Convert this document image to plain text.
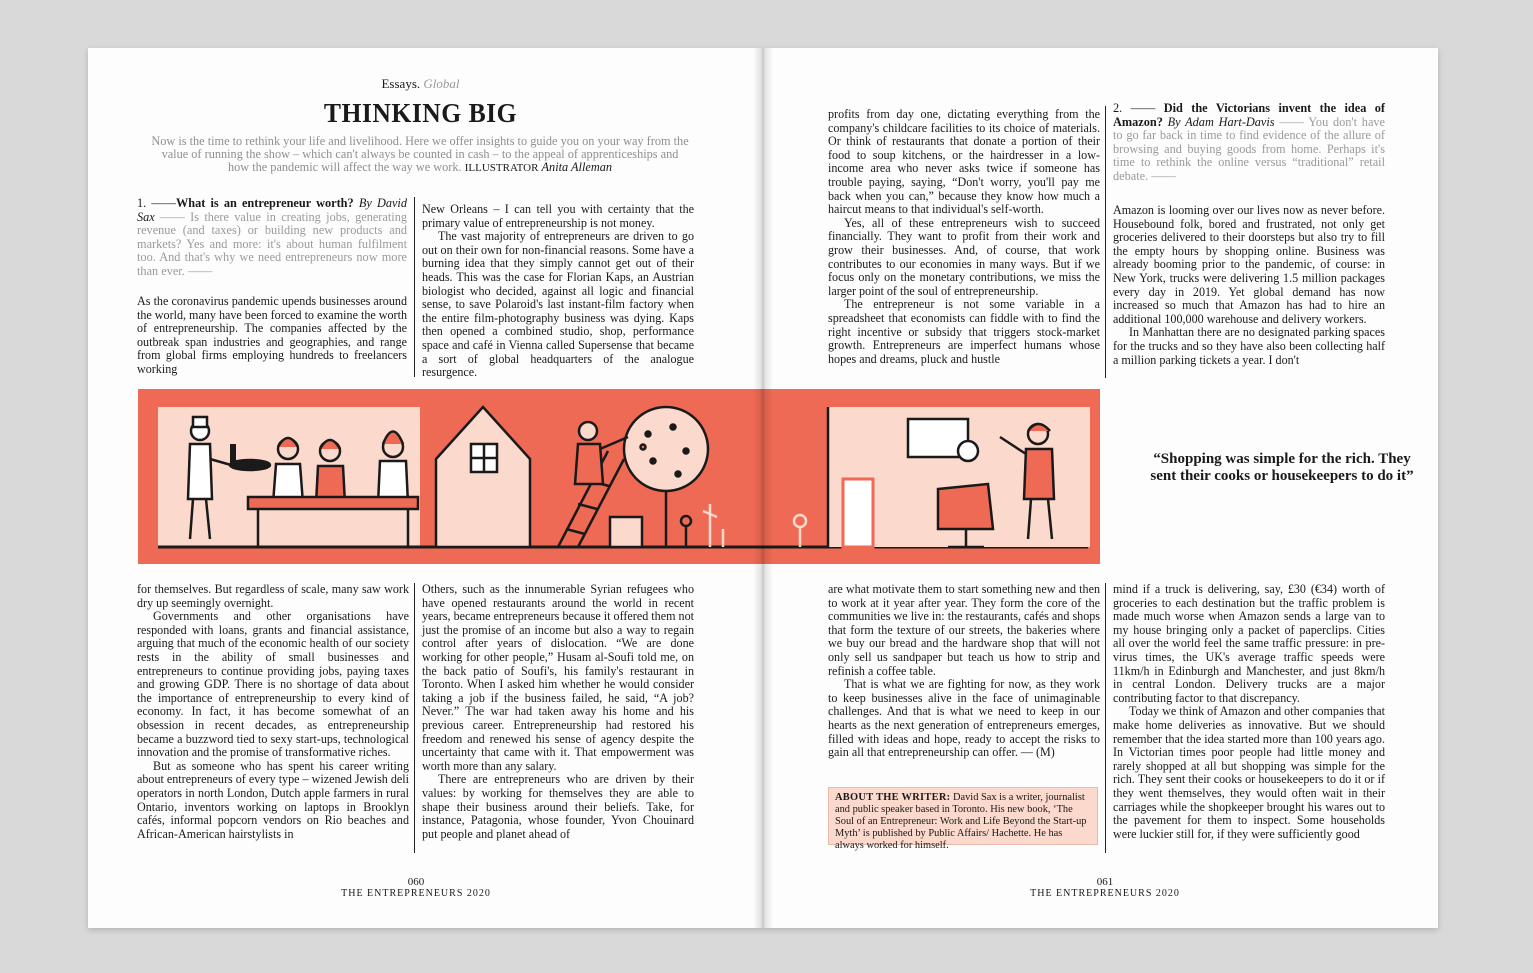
Essays. Global
THINKING BIG
Now is the time to rethink your life and livelihood. Here we offer insights to guide you on your way from the value of running the show – which can't always be counted in cash – to the appeal of apprenticeships and how the pandemic will affect the way we work. ILLUSTRATOR Anita Alleman
1. ——What is an entrepreneur worth? By David Sax —— Is there value in creating jobs, generating revenue (and taxes) or building new products and markets? Yes and more: it's about human fulfilment too. And that's why we need entrepreneurs now more than ever. ——

As the coronavirus pandemic upends businesses around the world, many have been forced to examine the worth of entrepreneurship. The companies affected by the outbreak span industries and geographies, and range from global firms employing hundreds to freelancers working

New Orleans – I can tell you with certainty that the primary value of entrepreneurship is not money.

The vast majority of entrepreneurs are driven to go out on their own for non-financial reasons. Some have a burning idea that they simply cannot get out of their heads. This was the case for Florian Kaps, an Austrian biologist who decided, against all logic and financial sense, to save Polaroid's last instant-film factory when the entire film-photography business was dying. Kaps then opened a combined studio, shop, performance space and café in Vienna called Supersense that became a sort of global headquarters of the analogue resurgence.

profits from day one, dictating everything from the company's childcare facilities to its choice of materials. Or think of restaurants that donate a portion of their food to soup kitchens, or the hairdresser in a low-income area who never asks twice if someone has trouble paying, saying, “Don't worry, you'll pay me back when you can,” because they know how much a haircut means to that individual's self-worth.

Yes, all of these entrepreneurs wish to succeed financially. They want to profit from their work and grow their businesses. And, of course, that work contributes to our economies in many ways. But if we focus only on the monetary contributions, we miss the larger point of the soul of entrepreneurship.

The entrepreneur is not some variable in a spreadsheet that economists can fiddle with to find the right incentive or subsidy that triggers stock-market growth. Entrepreneurs are imperfect humans whose hopes and dreams, pluck and hustle

2. —— Did the Victorians invent the idea of Amazon? By Adam Hart-Davis —— You don't have to go far back in time to find evidence of the allure of browsing and buying goods from home. Perhaps it's time to rethink the online versus “traditional” retail debate. ——

Amazon is looming over our lives now as never before. Housebound folk, bored and frustrated, not only get groceries delivered to their doorsteps but also try to fill the empty hours by shopping online. Business was already booming prior to the pandemic, of course: in New York, trucks were delivering 1.5 million packages every day in 2019. Yet global demand has now increased so much that Amazon has had to hire an additional 100,000 warehouse and delivery workers.

In Manhattan there are no designated parking spaces for the trucks and so they have also been collecting half a million parking tickets a year. I don't

“Shopping was simple for the rich. They sent their cooks or housekeepers to do it”

for themselves. But regardless of scale, many saw work dry up seemingly overnight.

Governments and other organisations have responded with loans, grants and financial assistance, arguing that much of the economic health of our society rests in the ability of small businesses and entrepreneurs to continue providing jobs, paying taxes and growing GDP. There is no shortage of data about the importance of entrepreneurship to every kind of economy. In fact, it has become somewhat of an obsession in recent decades, as entrepreneurship became a buzzword tied to sexy start-ups, technological innovation and the promise of transformative riches.

But as someone who has spent his career writing about entrepreneurs of every type – wizened Jewish deli operators in north London, Dutch apple farmers in rural Ontario, inventors working on laptops in Brooklyn cafés, informal popcorn vendors on Rio beaches and African-American hairstylists in

Others, such as the innumerable Syrian refugees who have opened restaurants around the world in recent years, became entrepreneurs because it offered them not just the promise of an income but also a way to regain control after years of dislocation. “We are done working for other people,” Husam al-Soufi told me, on the back patio of Soufi's, his family's restaurant in Toronto. When I asked him whether he would consider taking a job if the business failed, he said, “A job? Never.” The war had taken away his home and his previous career. Entrepreneurship had restored his freedom and renewed his sense of agency despite the uncertainty that came with it. That empowerment was worth more than any salary.

There are entrepreneurs who are driven by their values: by working for themselves they are able to shape their business around their beliefs. Take, for instance, Patagonia, whose founder, Yvon Chouinard put people and planet ahead of

are what motivate them to start something new and then to work at it year after year. They form the core of the communities we live in: the restaurants, cafés and shops that form the texture of our streets, the bakeries where we buy our bread and the hardware shop that will not only sell us sandpaper but teach us how to strip and refinish a coffee table.

That is what we are fighting for now, as they work to keep businesses alive in the face of unimaginable challenges. And that is what we need to keep in our hearts as the next generation of entrepreneurs emerges, filled with ideas and hope, ready to accept the risks to gain all that entrepreneurship can offer. — (M)

ABOUT THE WRITER: David Sax is a writer, journalist and public speaker based in Toronto. His new book, ‘The Soul of an Entrepreneur: Work and Life Beyond the Start-up Myth’ is published by Public Affairs/ Hachette. He has always worked for himself.

mind if a truck is delivering, say, £30 (€34) worth of groceries to each destination but the traffic problem is made much worse when Amazon sends a large van to my house bringing only a packet of paperclips. Cities all over the world feel the same traffic pressure: in pre-virus times, the UK's average traffic speeds were 11km/h in Edinburgh and Manchester, and just 8km/h in central London. Delivery trucks are a major contributing factor to that discrepancy.

Today we think of Amazon and other companies that make home deliveries as innovative. But we should remember that the idea started more than 100 years ago. In Victorian times poor people had little money and rarely shopped at all but shopping was simple for the rich. They sent their cooks or housekeepers to do it or if they went themselves, they would often wait in their carriages while the shopkeeper brought his wares out to the pavement for them to inspect. Some households were luckier still for, if they were sufficiently good

060
THE ENTREPRENEURS 2020
061
THE ENTREPRENEURS 2020
